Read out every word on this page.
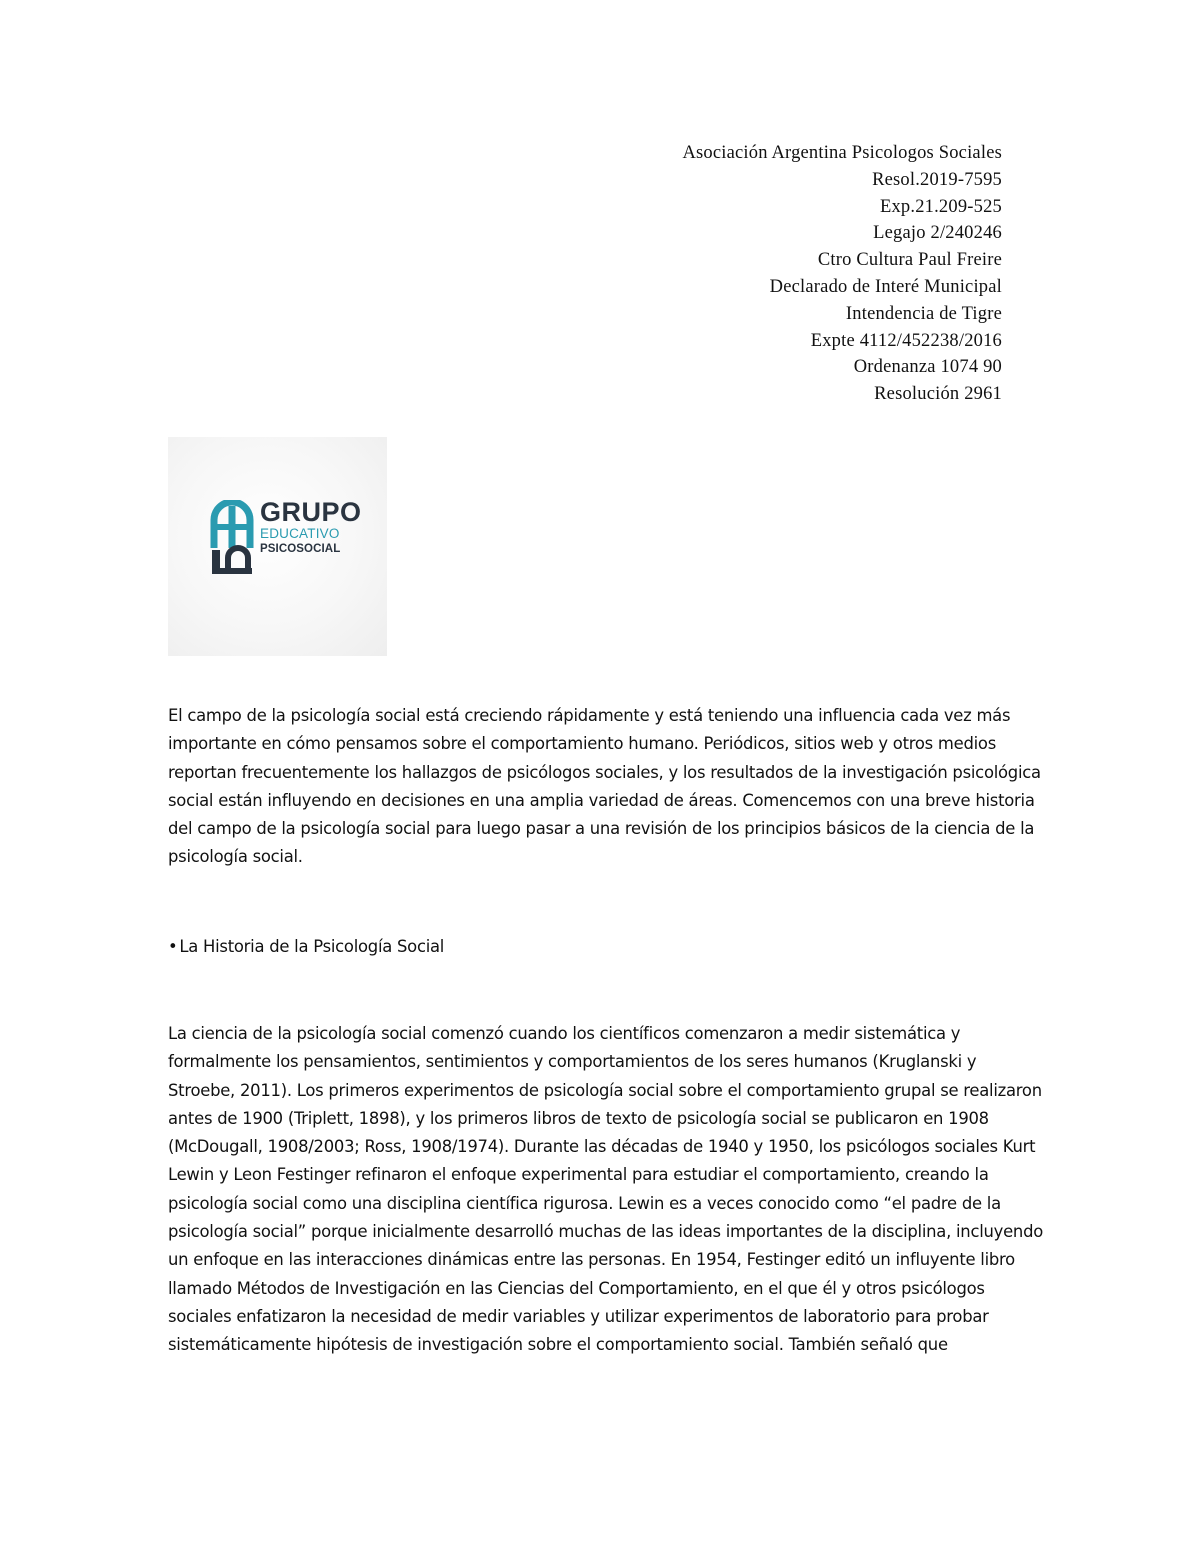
Asociación Argentina Psicologos Sociales
Resol.2019-7595
Exp.21.209-525
Legajo 2/240246
Ctro Cultura Paul Freire
Declarado de Interé Municipal
Intendencia de Tigre
Expte 4112/452238/2016
Ordenanza 1074 90
Resolución 2961
GRUPO
EDUCATIVO
PSICOSOCIAL

El campo de la psicología social está creciendo rápidamente y está teniendo una influencia cada vez más importante en cómo pensamos sobre el comportamiento humano. Periódicos, sitios web y otros medios reportan frecuentemente los hallazgos de psicólogos sociales, y los resultados de la investigación psicológica social están influyendo en decisiones en una amplia variedad de áreas. Comencemos con una breve historia del campo de la psicología social para luego pasar a una revisión de los principios básicos de la ciencia de la psicología social.

• La Historia de la Psicología Social

La ciencia de la psicología social comenzó cuando los científicos comenzaron a medir sistemática y formalmente los pensamientos, sentimientos y comportamientos de los seres humanos (Kruglanski y Stroebe, 2011). Los primeros experimentos de psicología social sobre el comportamiento grupal se realizaron antes de 1900 (Triplett, 1898), y los primeros libros de texto de psicología social se publicaron en 1908 (McDougall, 1908/2003; Ross, 1908/1974). Durante las décadas de 1940 y 1950, los psicólogos sociales Kurt Lewin y Leon Festinger refinaron el enfoque experimental para estudiar el comportamiento, creando la psicología social como una disciplina científica rigurosa. Lewin es a veces conocido como “el padre de la psicología social” porque inicialmente desarrolló muchas de las ideas importantes de la disciplina, incluyendo un enfoque en las interacciones dinámicas entre las personas. En 1954, Festinger editó un influyente libro llamado Métodos de Investigación en las Ciencias del Comportamiento, en el que él y otros psicólogos sociales enfatizaron la necesidad de medir variables y utilizar experimentos de laboratorio para probar sistemáticamente hipótesis de investigación sobre el comportamiento social. También señaló que
